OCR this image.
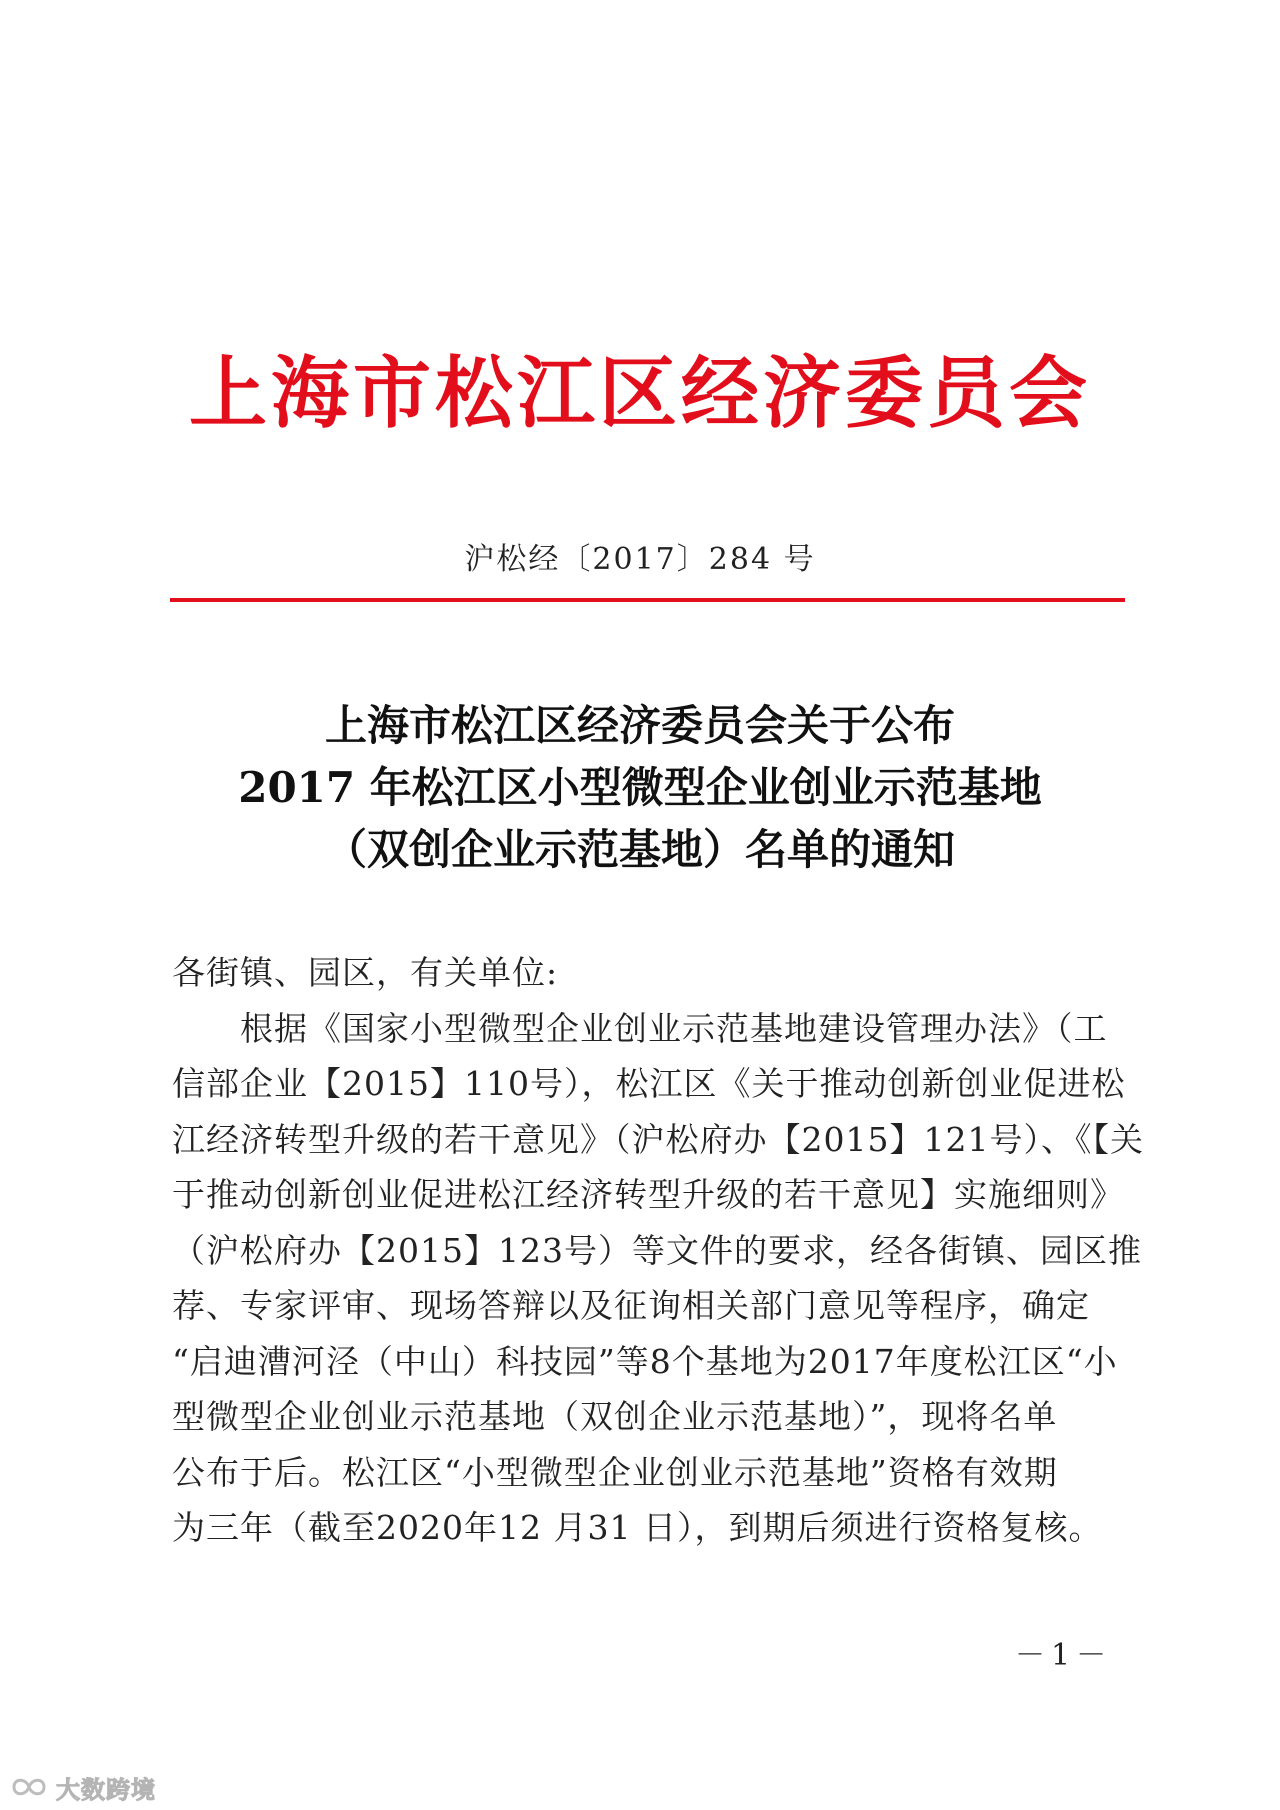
上海市松江区经济委员会
沪松经〔2017〕284 号
上海市松江区经济委员会关于公布
2017 年松江区小型微型企业创业示范基地
（双创企业示范基地）名单的通知
各街镇、园区，有关单位:
　　根据《国家小型微型企业创业示范基地建设管理办法》（工
信部企业【2015】110号），松江区《关于推动创新创业促进松
江经济转型升级的若干意见》（沪松府办【2015】121号）、《【关
于推动创新创业促进松江经济转型升级的若干意见】实施细则》
（沪松府办【2015】123号）等文件的要求，经各街镇、园区推
荐、专家评审、现场答辩以及征询相关部门意见等程序，确定
“启迪漕河泾（中山）科技园”等8个基地为2017年度松江区“小
型微型企业创业示范基地（双创企业示范基地）”，现将名单
公布于后。松江区“小型微型企业创业示范基地”资格有效期
为三年（截至2020年12 月31 日），到期后须进行资格复核。
－1－
大数跨境
